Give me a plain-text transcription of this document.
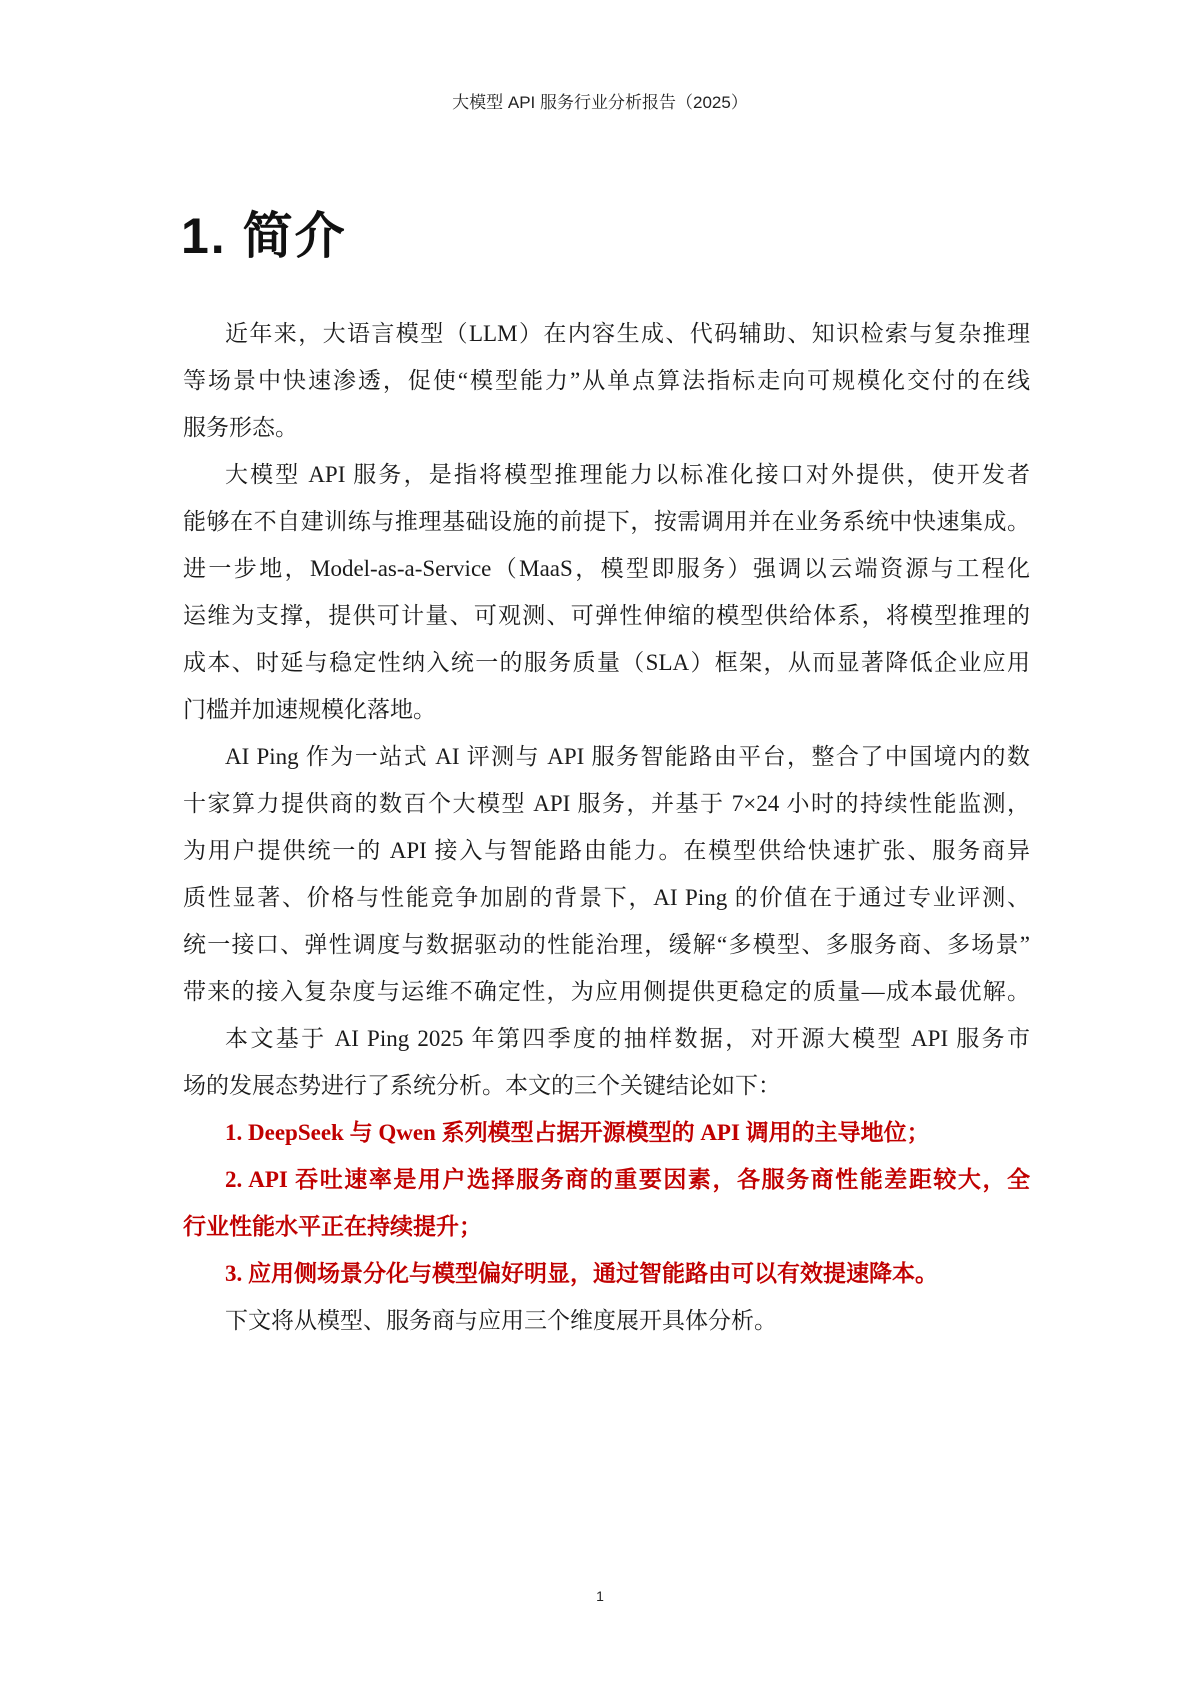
大模型 API 服务行业分析报告（2025）
1. 简介
近年来，大语言模型（LLM）在内容生成、代码辅助、知识检索与复杂推理
等场景中快速渗透，促使“模型能力”从单点算法指标走向可规模化交付的在线
服务形态。
大模型 API 服务，是指将模型推理能力以标准化接口对外提供，使开发者
能够在不自建训练与推理基础设施的前提下，按需调用并在业务系统中快速集成。
进一步地，Model-as-a-Service（MaaS，模型即服务）强调以云端资源与工程化
运维为支撑，提供可计量、可观测、可弹性伸缩的模型供给体系，将模型推理的
成本、时延与稳定性纳入统一的服务质量（SLA）框架，从而显著降低企业应用
门槛并加速规模化落地。
AI Ping 作为一站式 AI 评测与 API 服务智能路由平台，整合了中国境内的数
十家算力提供商的数百个大模型 API 服务，并基于 7×24 小时的持续性能监测，
为用户提供统一的 API 接入与智能路由能力。在模型供给快速扩张、服务商异
质性显著、价格与性能竞争加剧的背景下，AI Ping 的价值在于通过专业评测、
统一接口、弹性调度与数据驱动的性能治理，缓解“多模型、多服务商、多场景”
带来的接入复杂度与运维不确定性，为应用侧提供更稳定的质量—成本最优解。
本文基于 AI Ping 2025 年第四季度的抽样数据，对开源大模型 API 服务市
场的发展态势进行了系统分析。本文的三个关键结论如下：
1. DeepSeek 与 Qwen 系列模型占据开源模型的 API 调用的主导地位；
2. API 吞吐速率是用户选择服务商的重要因素，各服务商性能差距较大，全
行业性能水平正在持续提升；
3. 应用侧场景分化与模型偏好明显，通过智能路由可以有效提速降本。
下文将从模型、服务商与应用三个维度展开具体分析。
1
